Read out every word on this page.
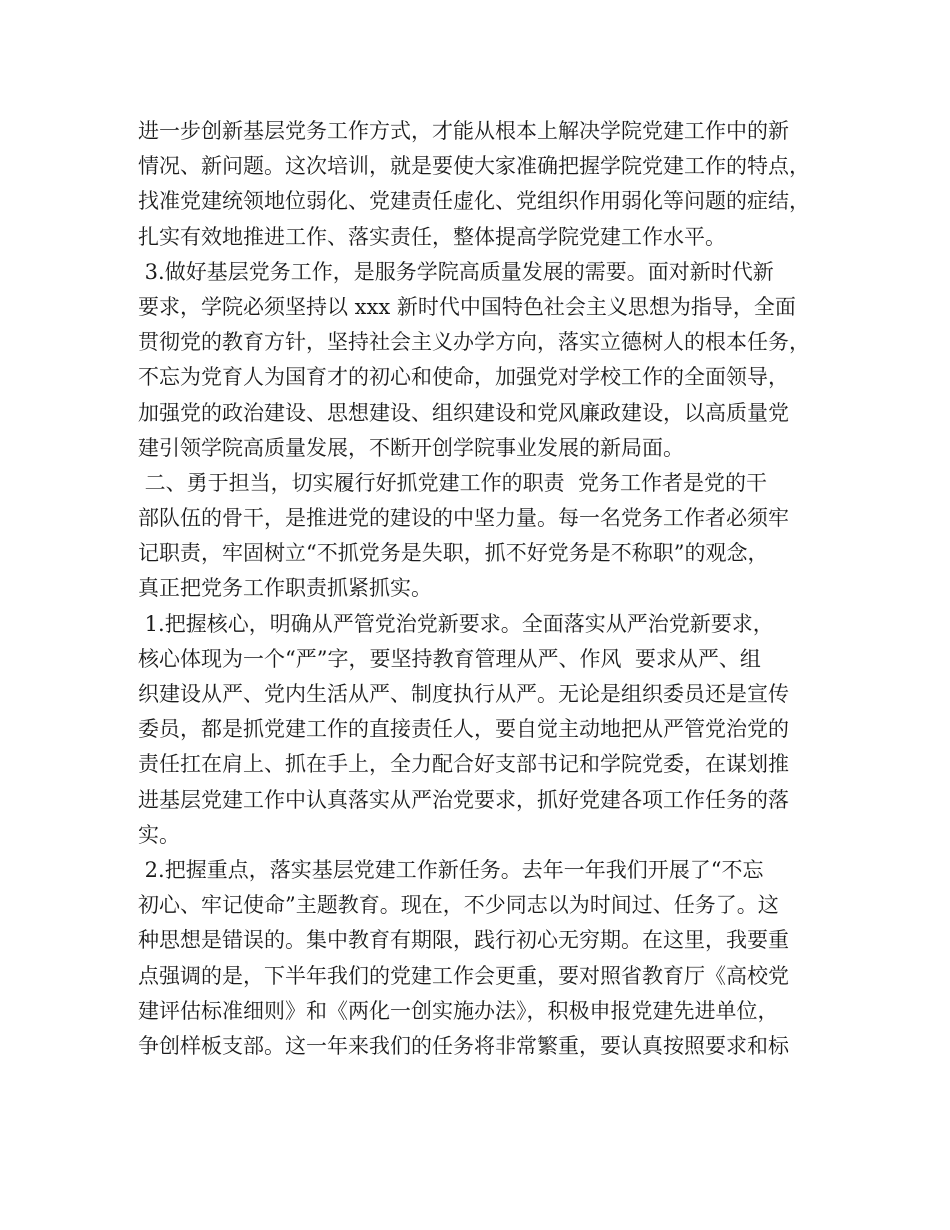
进一步创新基层党务工作方式，才能从根本上解决学院党建工作中的新
情况、新问题。这次培训，就是要使大家准确把握学院党建工作的特点，
找准党建统领地位弱化、党建责任虚化、党组织作用弱化等问题的症结，
扎实有效地推进工作、落实责任，整体提高学院党建工作水平。
3.做好基层党务工作，是服务学院高质量发展的需要。面对新时代新
要求，学院必须坚持以 xxx 新时代中国特色社会主义思想为指导，全面
贯彻党的教育方针，坚持社会主义办学方向，落实立德树人的根本任务，
不忘为党育人为国育才的初心和使命，加强党对学校工作的全面领导，
加强党的政治建设、思想建设、组织建设和党风廉政建设，以高质量党
建引领学院高质量发展，不断开创学院事业发展的新局面。
二、勇于担当，切实履行好抓党建工作的职责  党务工作者是党的干
部队伍的骨干，是推进党的建设的中坚力量。每一名党务工作者必须牢
记职责，牢固树立“不抓党务是失职，抓不好党务是不称职”的观念，
真正把党务工作职责抓紧抓实。
1.把握核心，明确从严管党治党新要求。全面落实从严治党新要求，
核心体现为一个“严”字，要坚持教育管理从严、作风  要求从严、组
织建设从严、党内生活从严、制度执行从严。无论是组织委员还是宣传
委员，都是抓党建工作的直接责任人，要自觉主动地把从严管党治党的
责任扛在肩上、抓在手上，全力配合好支部书记和学院党委，在谋划推
进基层党建工作中认真落实从严治党要求，抓好党建各项工作任务的落
实。
2.把握重点，落实基层党建工作新任务。去年一年我们开展了“不忘
初心、牢记使命”主题教育。现在，不少同志以为时间过、任务了。这
种思想是错误的。集中教育有期限，践行初心无穷期。在这里，我要重
点强调的是，下半年我们的党建工作会更重，要对照省教育厅《高校党
建评估标准细则》和《两化一创实施办法》，积极申报党建先进单位，
争创样板支部。这一年来我们的任务将非常繁重，要认真按照要求和标
